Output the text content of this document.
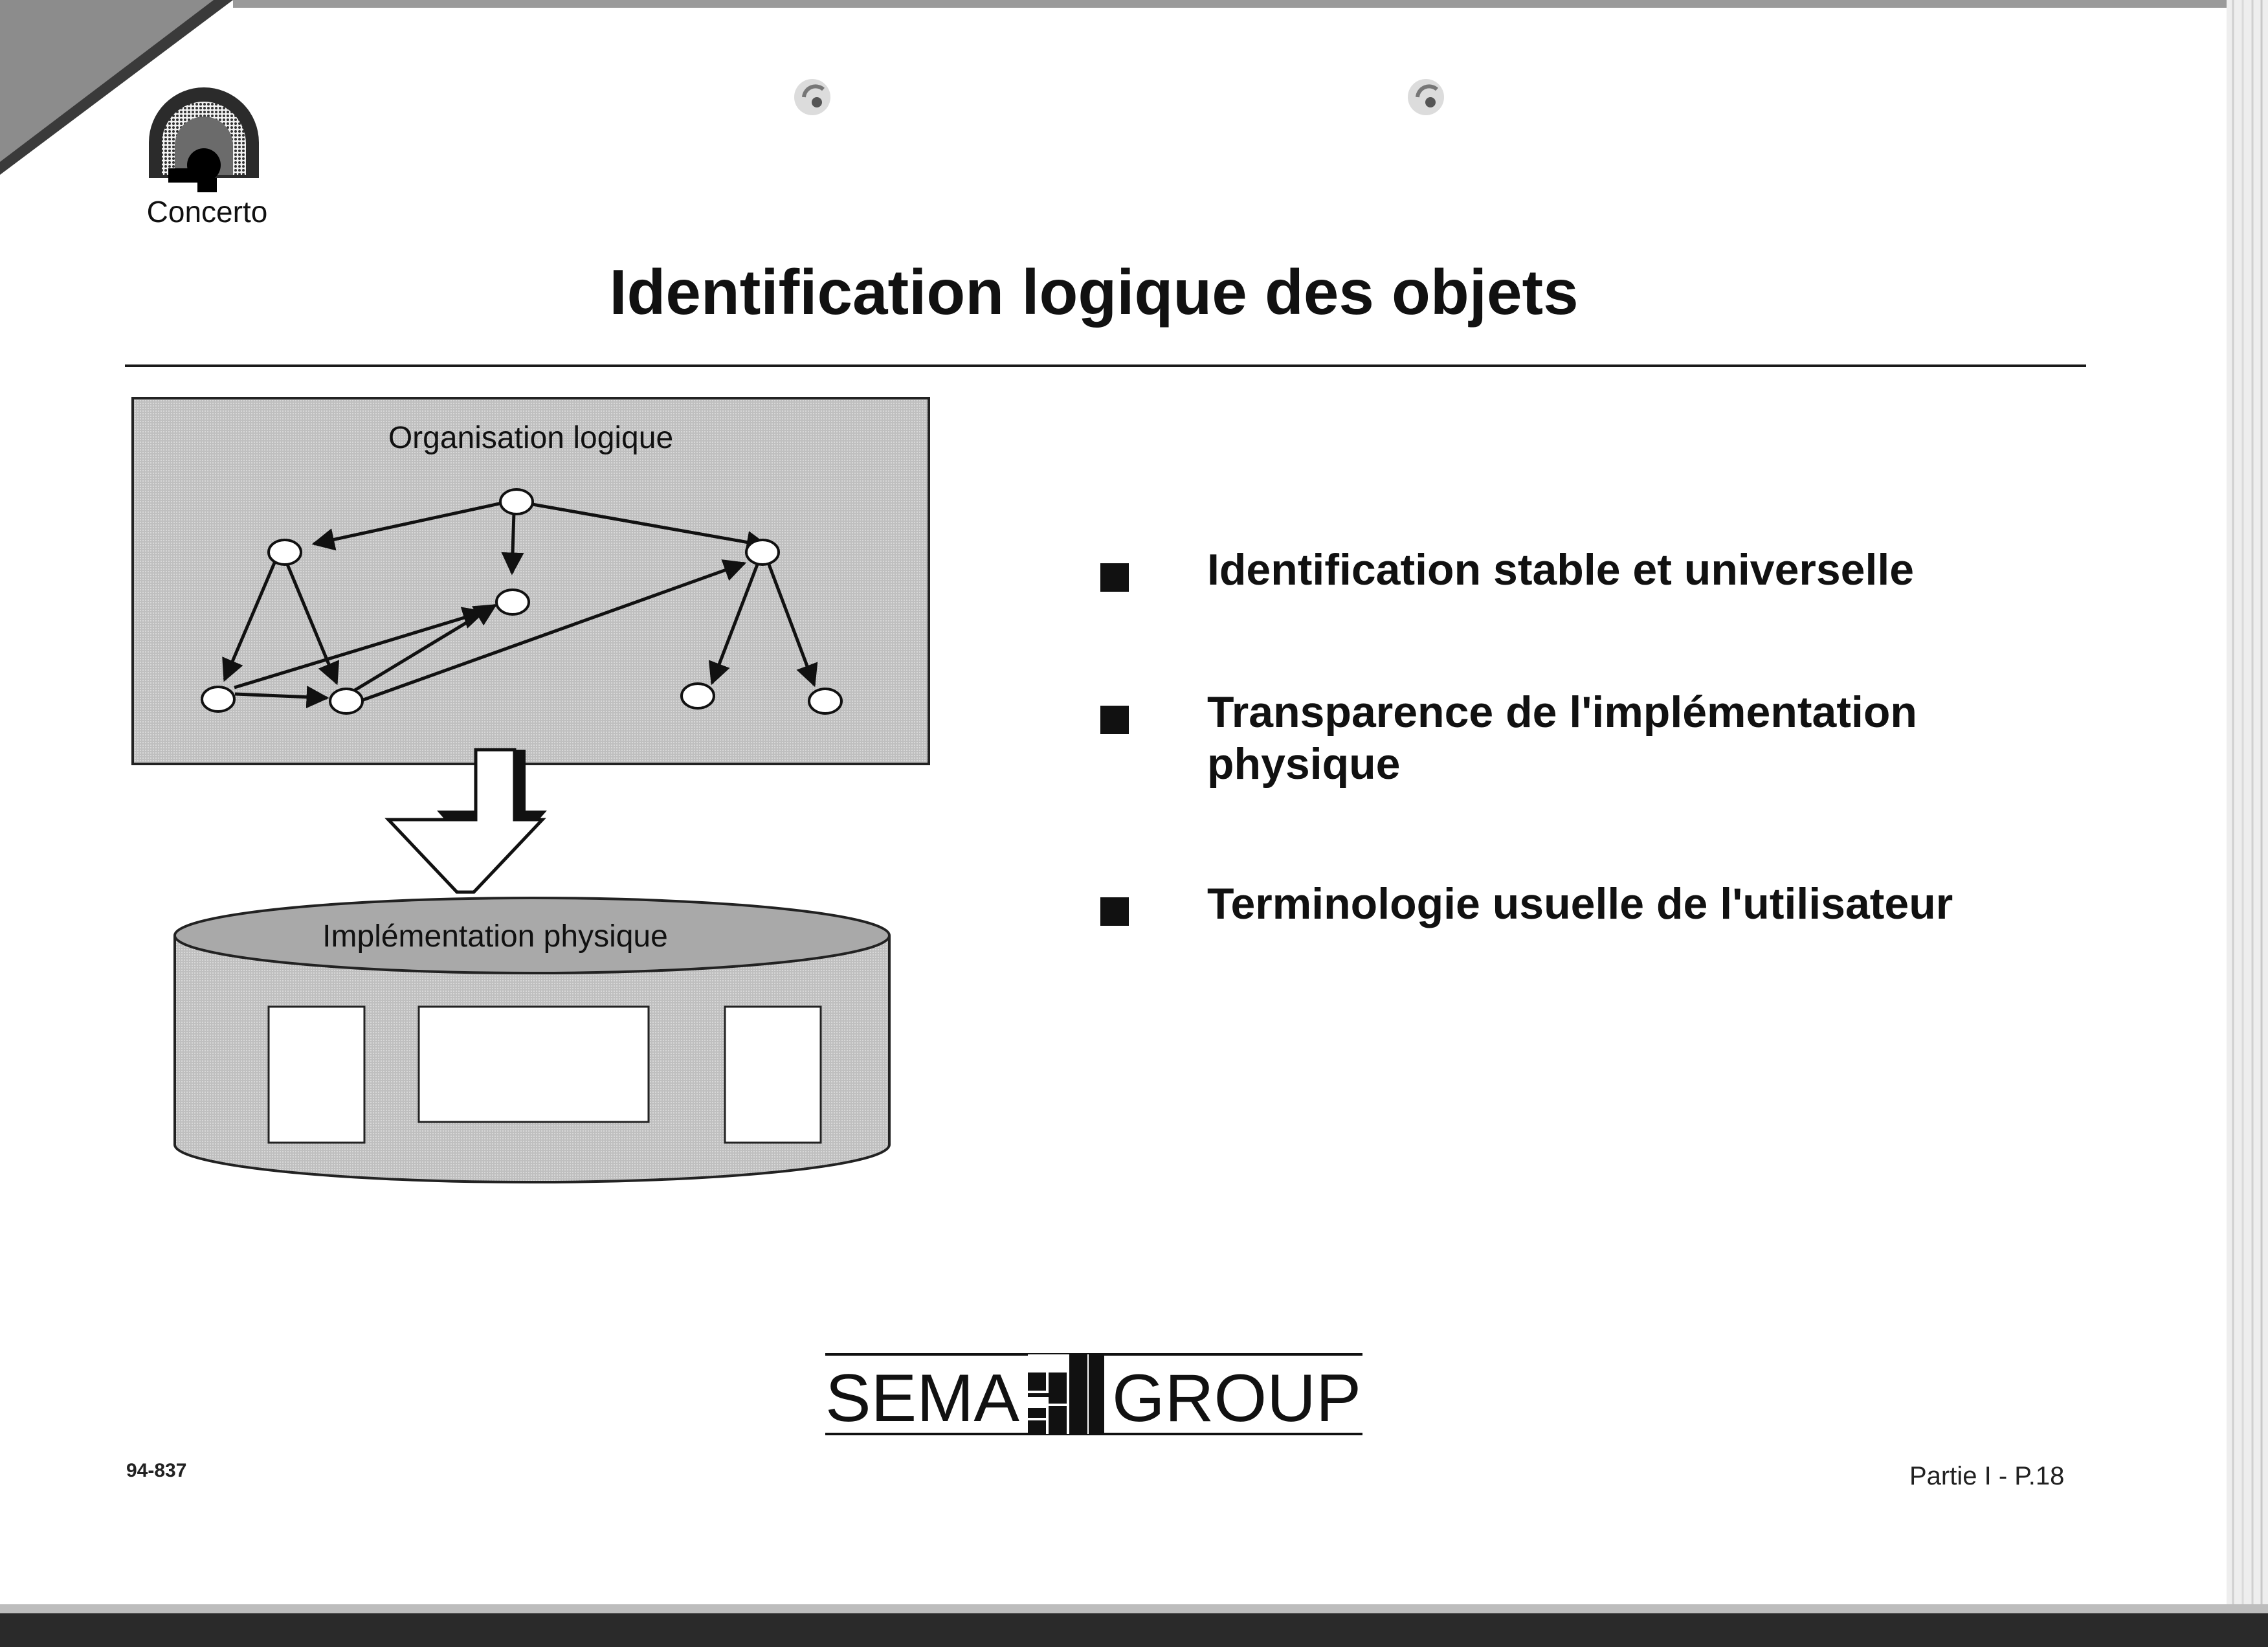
Concerto
Identification logique des objets
Organisation logique
Implémentation physique
Identification stable et universelle
Transparence de l'implémentation
physique
Terminologie usuelle de l'utilisateur
SEMA GROUP
94-837	Partie I - P.18
